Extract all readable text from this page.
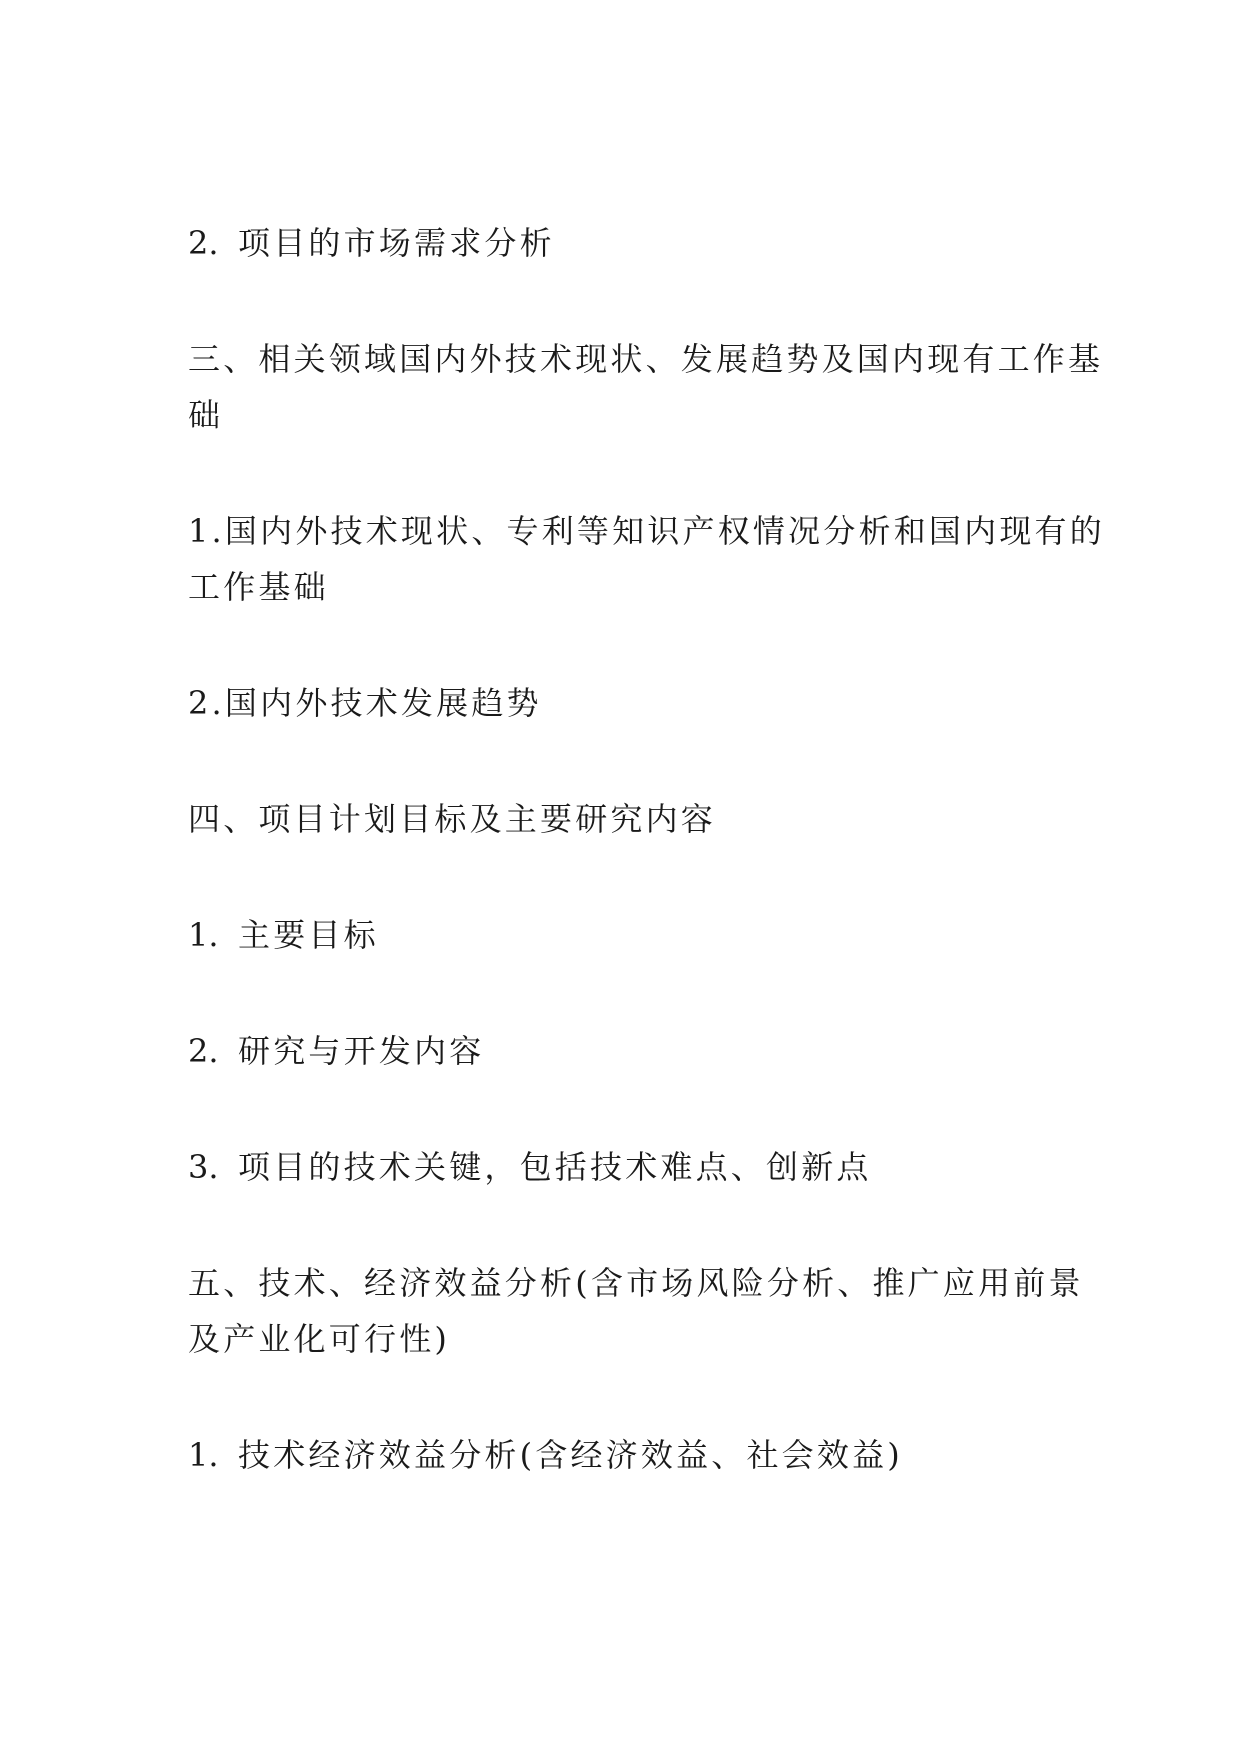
2. 项目的市场需求分析
三、相关领域国内外技术现状、发展趋势及国内现有工作基
础
1.国内外技术现状、专利等知识产权情况分析和国内现有的
工作基础
2.国内外技术发展趋势
四、项目计划目标及主要研究内容
1. 主要目标
2. 研究与开发内容
3. 项目的技术关键，包括技术难点、创新点
五、技术、经济效益分析(含市场风险分析、推广应用前景
及产业化可行性)
1. 技术经济效益分析(含经济效益、社会效益)
